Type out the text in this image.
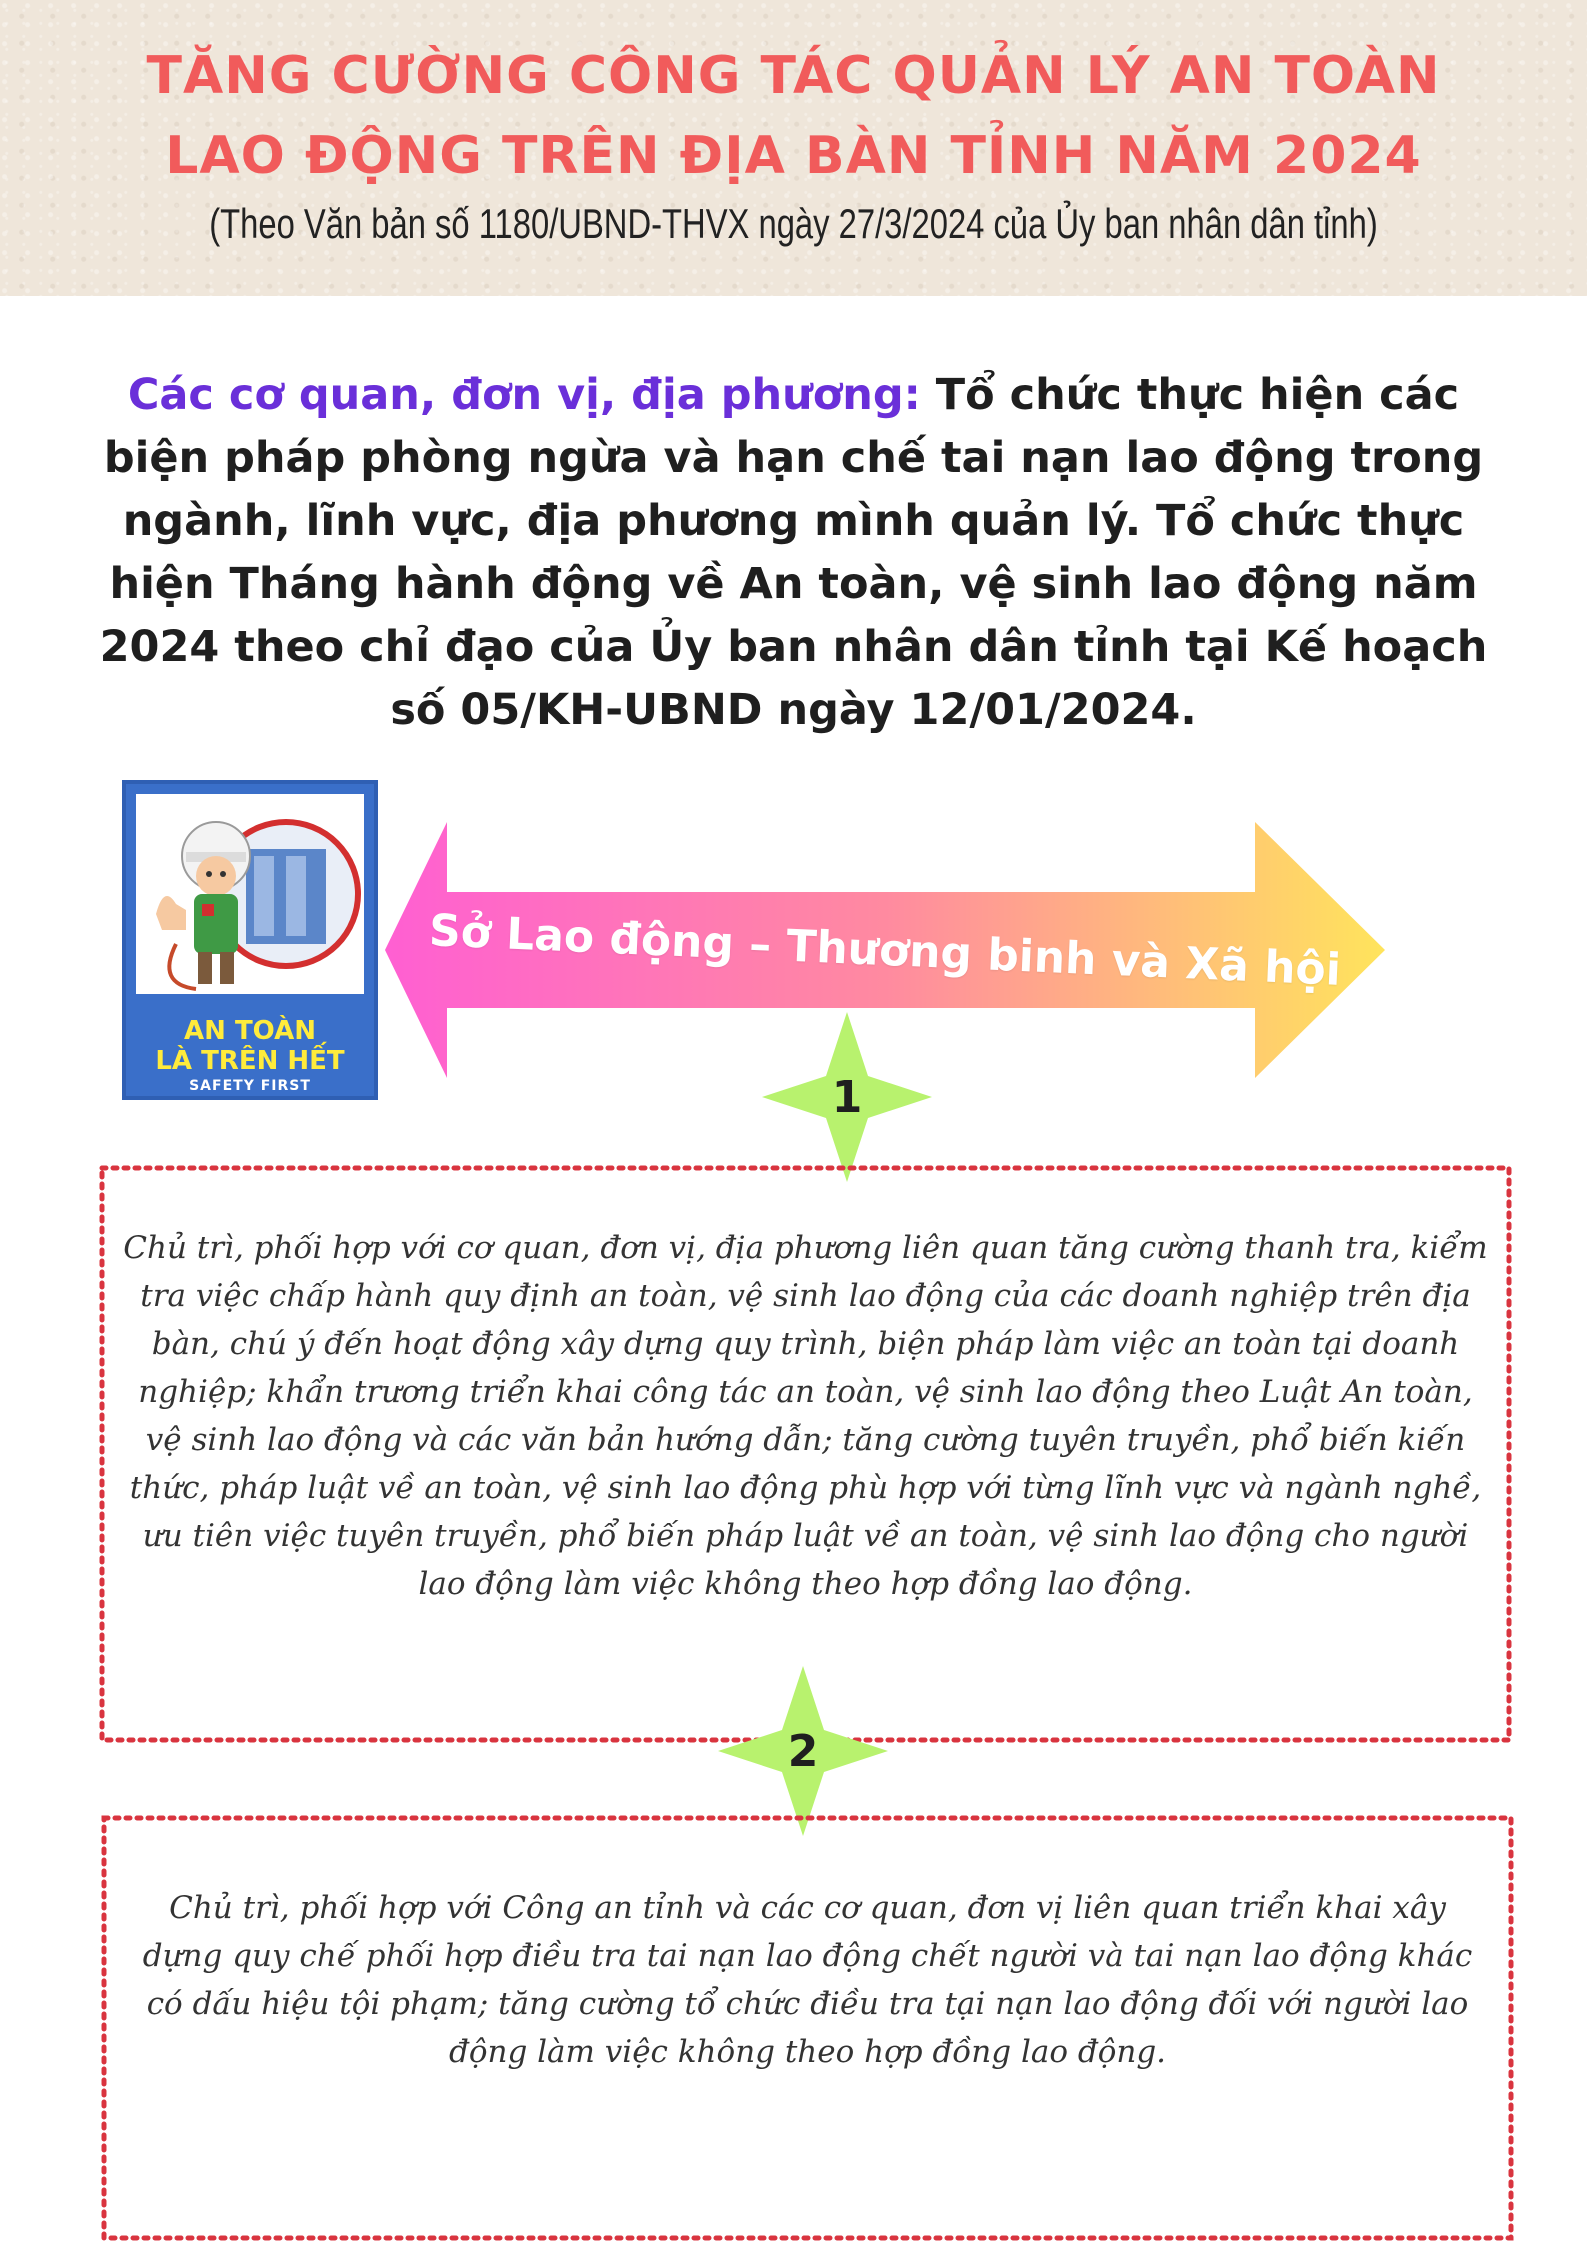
TĂNG CƯỜNG CÔNG TÁC QUẢN LÝ AN TOÀN
LAO ĐỘNG TRÊN ĐỊA BÀN TỈNH NĂM 2024
(Theo Văn bản số 1180/UBND-THVX ngày 27/3/2024 của Ủy ban nhân dân tỉnh)
Các cơ quan, đơn vị, địa phương: Tổ chức thực hiện các biện pháp phòng ngừa và hạn chế tai nạn lao động trong ngành, lĩnh vực, địa phương mình quản lý. Tổ chức thực hiện Tháng hành động về An toàn, vệ sinh lao động năm 2024 theo chỉ đạo của Ủy ban nhân dân tỉnh tại Kế hoạch số 05/KH-UBND ngày 12/01/2024.
AN TOÀN
LÀ TRÊN HẾT
SAFETY FIRST
Sở Lao động – Thương binh và Xã hội
1
Chủ trì, phối hợp với cơ quan, đơn vị, địa phương liên quan tăng cường thanh tra, kiểm tra việc chấp hành quy định an toàn, vệ sinh lao động của các doanh nghiệp trên địa bàn, chú ý đến hoạt động xây dựng quy trình, biện pháp làm việc an toàn tại doanh nghiệp; khẩn trương triển khai công tác an toàn, vệ sinh lao động theo Luật An toàn, vệ sinh lao động và các văn bản hướng dẫn; tăng cường tuyên truyền, phổ biến kiến thức, pháp luật về an toàn, vệ sinh lao động phù hợp với từng lĩnh vực và ngành nghề, ưu tiên việc tuyên truyền, phổ biến pháp luật về an toàn, vệ sinh lao động cho người lao động làm việc không theo hợp đồng lao động.
2
Chủ trì, phối hợp với Công an tỉnh và các cơ quan, đơn vị liên quan triển khai xây dựng quy chế phối hợp điều tra tai nạn lao động chết người và tai nạn lao động khác có dấu hiệu tội phạm; tăng cường tổ chức điều tra tại nạn lao động đối với người lao động làm việc không theo hợp đồng lao động.
